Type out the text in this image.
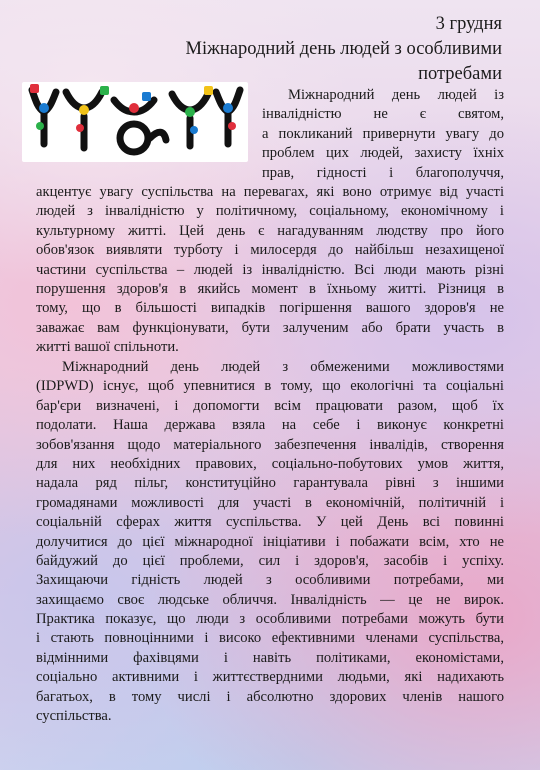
3 грудня
Міжнародний день людей з особливими
потребами
Міжнародний день людей із
інвалідністю не є святом,
а покликаний привернути увагу до
проблем цих людей, захисту їхніх
прав, гідності і благополуччя,
акцентує увагу суспільства на перевагах, які воно отримує від участі
людей з інвалідністю у політичному, соціальному, економічному і
культурному житті. Цей день є нагадуванням людству про його
обов'язок виявляти турботу і милосердя до найбільш незахищеної
частини суспільства – людей із інвалідністю. Всі люди мають різні
порушення здоров'я в якийсь момент в їхньому житті. Різниця в
тому, що в більшості випадків погіршення вашого здоров'я не
заважає вам функціонувати, бути залученим або брати участь в
житті вашої спільноти.
Міжнародний день людей з обмеженими можливостями
(IDPWD) існує, щоб упевнитися в тому, що екологічні та соціальні
бар'єри визначені, і допомогти всім працювати разом, щоб їх
подолати. Наша держава взяла на себе і виконує конкретні
зобов'язання щодо матеріального забезпечення інвалідів, створення
для них необхідних правових, соціально-побутових умов життя,
надала ряд пільг, конституційно гарантувала рівні з іншими
громадянами можливості для участі в економічній, політичній і
соціальній сферах життя суспільства. У цей День всі повинні
долучитися до цієї міжнародної ініціативи і побажати всім, хто не
байдужий до цієї проблеми, сил і здоров'я, засобів і успіху.
Захищаючи гідність людей з особливими потребами, ми
захищаємо своє людське обличчя. Інвалідність — це не вирок.
Практика показує, що люди з особливими потребами можуть бути
і стають повноцінними і високо ефективними членами суспільства,
відмінними фахівцями і навіть політиками, економістами,
соціально активними і життєствердними людьми, які надихають
багатьох, в тому числі і абсолютно здорових членів нашого
суспільства.
